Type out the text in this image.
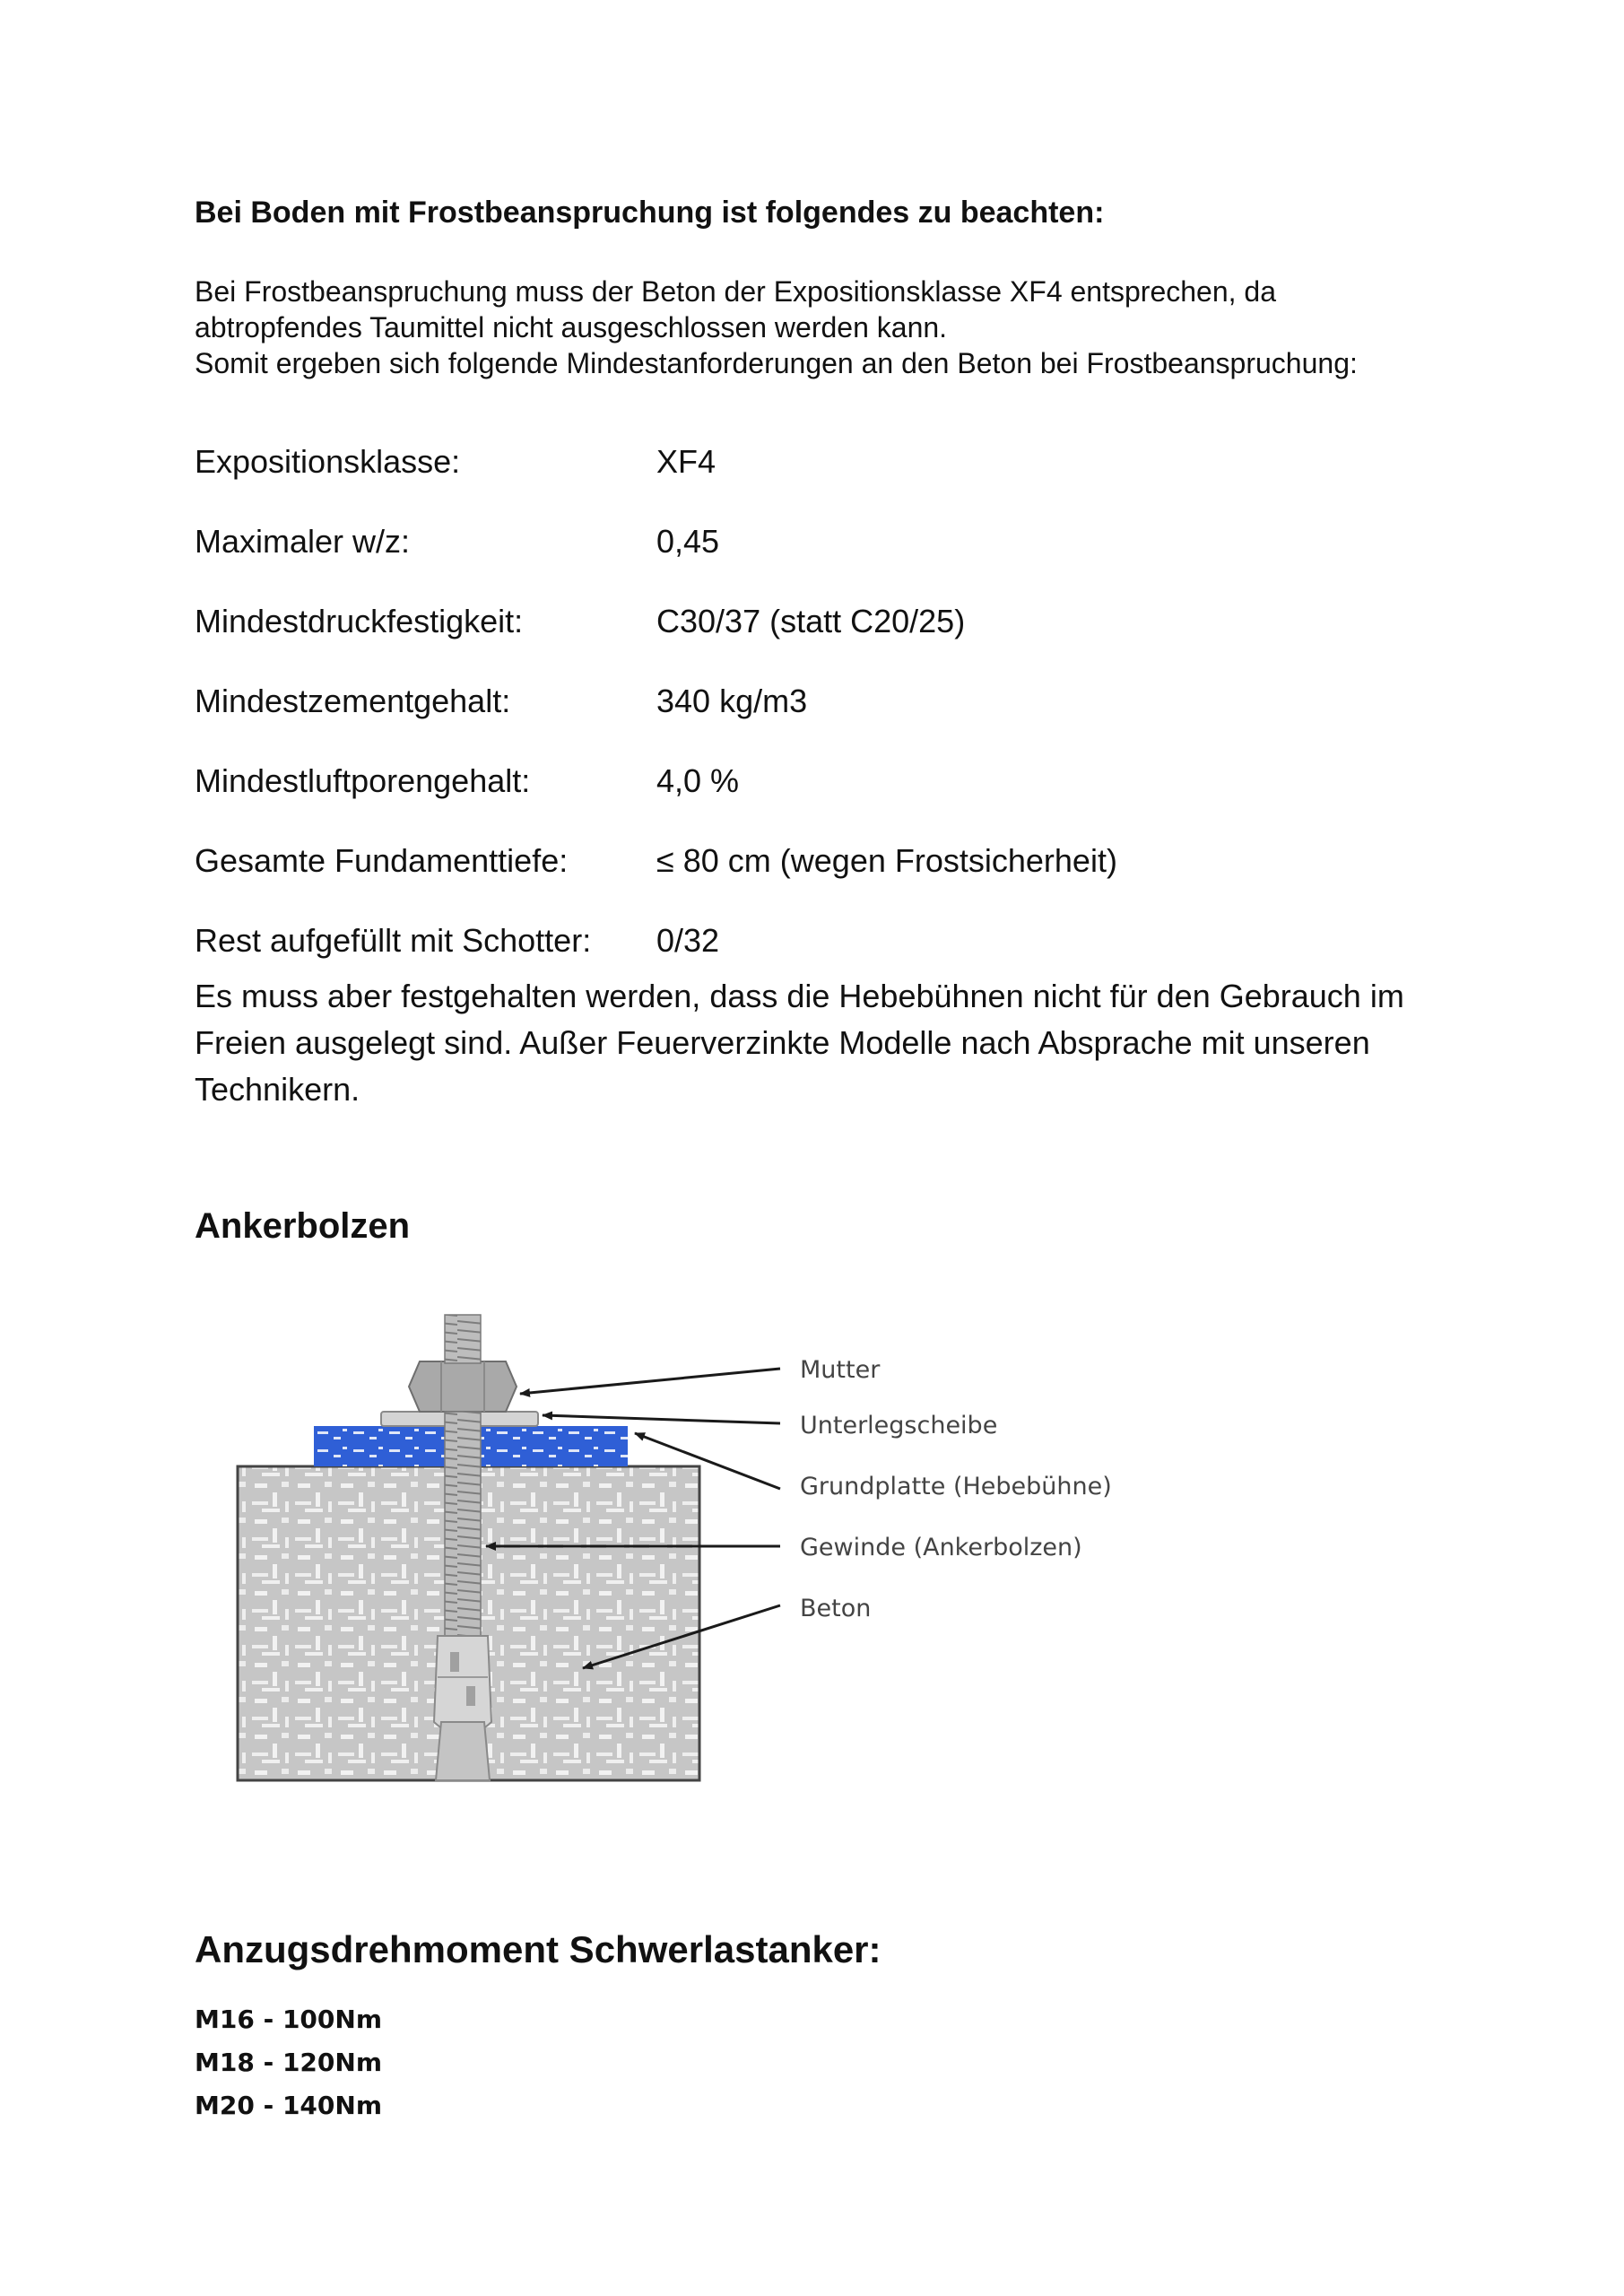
Bei Boden mit Frostbeanspruchung ist folgendes zu beachten:

Bei Frostbeanspruchung muss der Beton der Expositionsklasse XF4 entsprechen, da
abtropfendes Taumittel nicht ausgeschlossen werden kann.
Somit ergeben sich folgende Mindestanforderungen an den Beton bei Frostbeanspruchung:

Expositionsklasse:	XF4
Maximaler w/z:	0,45
Mindestdruckfestigkeit:	C30/37 (statt C20/25)
Mindestzementgehalt:	340 kg/m3
Mindestluftporengehalt:	4,0 %
Gesamte Fundamenttiefe:	≤ 80 cm (wegen Frostsicherheit)
Rest aufgefüllt mit Schotter:	0/32

Es muss aber festgehalten werden, dass die Hebebühnen nicht für den Gebrauch im Freien ausgelegt sind. Außer Feuerverzinkte Modelle nach Absprache mit unseren Technikern.

Ankerbolzen
Mutter
Unterlegscheibe
Grundplatte (Hebebühne)
Gewinde (Ankerbolzen)
Beton
Anzugsdrehmoment Schwerlastanker:
M16 - 100Nm
M18 - 120Nm
M20 - 140Nm
